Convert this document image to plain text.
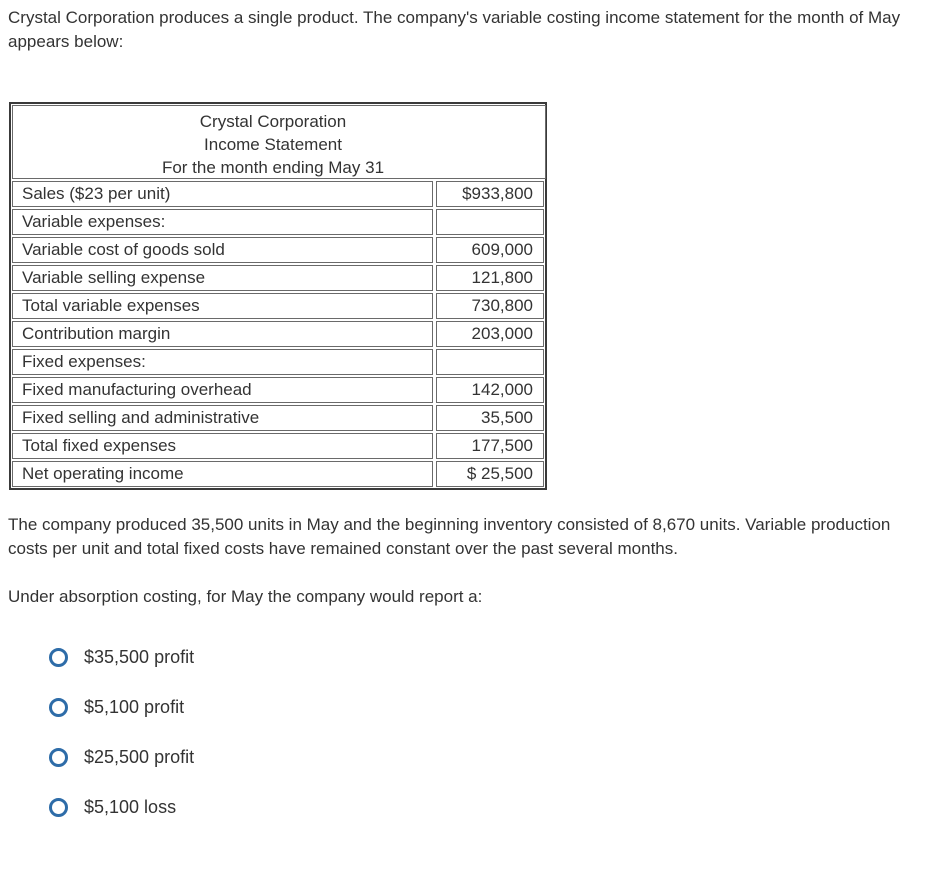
Crystal Corporation produces a single product. The company's variable costing income statement for the month of May appears below:

Crystal Corporation
Income Statement
For the month ending May 31
Sales ($23 per unit)	$933,800
Variable expenses:
Variable cost of goods sold	609,000
Variable selling expense	121,800
Total variable expenses	730,800
Contribution margin	203,000
Fixed expenses:
Fixed manufacturing overhead	142,000
Fixed selling and administrative	35,500
Total fixed expenses	177,500
Net operating income	$ 25,500

The company produced 35,500 units in May and the beginning inventory consisted of 8,670 units. Variable production costs per unit and total fixed costs have remained constant over the past several months.

Under absorption costing, for May the company would report a:

$35,500 profit
$5,100 profit
$25,500 profit
$5,100 loss
